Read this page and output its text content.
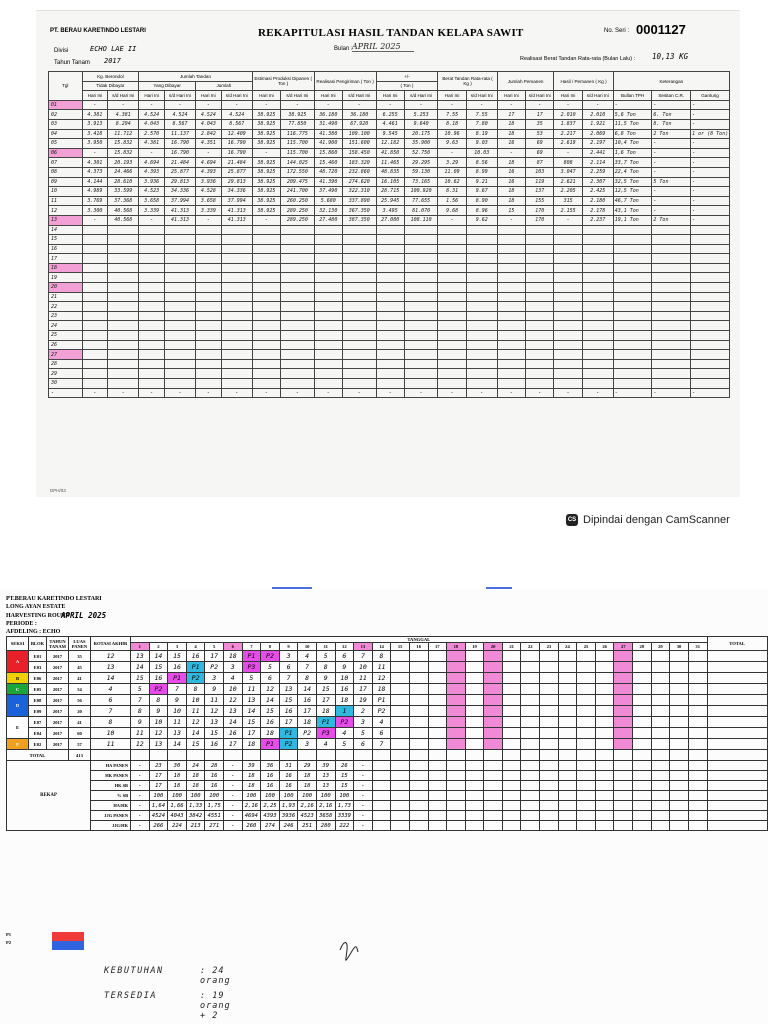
PT. BERAU KARETINDO LESTARI	REKAPITULASI HASIL TANDAN KELAPA SAWIT	No. Seri : 0001127
Bulan : APRIL 2025
Divisi	ECHO LAE II
Tahun Tanam 2017	Realisasi Berat Tandan Rata-rata (Bulan Lalu) : 10,13 KG
Tgl	Kg. Berondol		Jumlah Tandan				Estimasi Produksi Dipanen ( Ton )		Realisasi Pengiriman ( Ton )		+/-		Berat Tandan Rata-rata ( Kg )		Jumlah Pemanen		Hasil / Pemanen ( Kg )		Keterangan		
	Tidak Dibayar		Yang Dibayar		Jumlah						( Ton )										
	Hari Ini	s/d Hari Ini	Hari Ini	s/d Hari Ini	Hari Ini	s/d Hari Ini	Hari Ini	s/d Hari Ini	Hari Ini	s/d Hari Ini	Hari Ini	s/d Hari Ini	Hari Ini	s/d Hari Ini	Hari Ini	s/d Hari Ini	Hari Ini	s/d Hari Ini	Bullan TPH	Sesitan C.R.	Gantung
01	-	-	-	-	-	-	-	-	-	-	-	-	-	-	-	-	-	-	-	-	-
02	4.381	4.381	4.524	4.524	4.524	4.524	38.925	38.925	36.180	36.180	6.255	5.253	7.55	7.55	17	17	2.010	2.010	5,6 Ton	6. Ton	-
03	3.913	8.294	4.043	8.567	4.043	8.567	38.925	77.850	31.490	67.920	4.461	9.640	8.18	7.80	18	35	1.837	1.921	11,5 Ton	8. Ton	-
04	3.418	11.712	2.570	11.137	2.842	12.409	38.925	116.775	41.380	109.100	9.545	20.175	10.96	8.19	18	53	2.217	2.069	6,8 Ton	2 Ton	1 or (8 Ton)
05	3.950	15.832	4.381	16.790	4.351	16.790	38.925	115.700	41.900	151.600	12.182	35.900	9.63	9.03	16	69	2.619	2.197	10,4 Ton	-	-
06	-	15.832	-	16.790	-	16.790	-	115.700	15.860	158.450	41.850	52.750	-	10.03	-	69	-	2.441	1,6 Ton	-	-
07	4.301	20.193	4.694	21.484	4.694	21.484	38.925	144.025	15.460	183.320	11.465	29.295	3.29	8.56	18	87	808	2.114	33,7 Ton	-	-
08	4.373	24.466	4.393	25.877	4.393	25.877	38.925	172.550	48.720	232.860	48.835	59.130	11.09	8.99	16	103	3.047	2.259	22,4 Ton	-	-
09	4.144	28.610	3.936	29.813	3.936	29.813	38.925	209.475	41.390	274.620	16.105	73.165	10.62	9.21	16	119	2.621	2.307	32,5 Ton	5 Ton	-
10	4.989	33.599	4.523	34.336	4.528	34.336	38.925	241.700	37.490	322.310	28.715	100.920	8.31	9.67	18	137	2.205	2.425	12,5 Ton	-	-
11	3.769	37.368	3.658	37.994	3.658	37.994	38.925	260.250	5.680	337.890	25.945	77.655	1.56	8.90	18	155	315	2.180	46,7 Ton	-	-
12	3.300	40.568	3.339	41.313	3.339	41.313	38.925	289.250	32.130	367.350	3.495	81.070	9.68	8.96	15	170	2.155	2.178	43,1 Ton	-	-
13	-	40.568	-	41.313	-	41.313	-	289.250	27.480	387.350	27.080	108.110	-	9.62	-	170	-	2.237	19,1 Ton	2 Ton	-
14																					
15																					
16																					
17																					
18																					
19																					
20																					
21																					
22																					
23																					
24																					
25																					
26																					
27																					
28																					
29																					
30																					
-	-	-	-	-	-	-	-	-	-	-	-	-	-	-	-	-	-	-	-	-	-
DPH/03
CS Dipindai dengan CamScanner
PT.BERAU KARETINDO LESTARI
LONG AYAN ESTATE
HARVESTING ROUND
PERIODE :
AFDELING : ECHO
APRIL 2025
SEKSI	BLOK	TAHUN TANAM	LUAS PANEN	ROTASI AKHIR	TANGGAL																															TOTAL
					1	2	3	4	5	6	7	8	9	10	11	12	13	14	15	16	17	18	19	20	21	22	23	24	25	26	27	28	29	30	31	
A	E01	2017	35	12	13	14	15	16	17	18	P1	P2	3	4	5	6	7	8																		
	E03	2017	45	13	14	15	16	P1	P2	3	P3	5	6	7	8	9	10	11																		
B	E06	2017	41	14	15	16	P1	P2	3	4	5	6	7	8	9	10	11	12																		
C	E05	2017	54	4	5	P2	7	8	9	10	11	12	13	14	15	16	17	18																		
D	E08	2017	56	6	7	8	9	10	11	12	13	14	15	16	17	18	19	P1																		
	E09	2017	20	7	8	9	10	11	12	13	14	15	16	17	18	1	2	P2																		
E	E07	2017	41	8	9	10	11	12	13	14	15	16	17	18	P1	P2	3	4																		
	E04	2017	60	10	11	12	13	14	15	16	17	18	P1	P2	P3	4	5	6																		
F	E02	2017	57	11	12	13	14	15	16	17	18	P1	P2	3	4	5	6	7																		
TOTAL			413																																	
REKAP				HA PANEN	-	23	30	24	28	-	39	36	31	29	39	26	-																			
				HK PANEN	-	17	18	18	16	-	18	16	16	18	13	15	-																			
				HK SB	-	17	18	18	16	-	18	16	16	18	13	15	-																			
				% SB	-	100	100	100	100	-	100	100	100	100	100	100	-																			
				HA/HK	-	1,64	1,66	1,33	1,75	-	2,16	2,25	1,93	2,16	2,16	1,73	-																			
				JJG PANEN	-	4524	4043	3842	4551	-	4694	4393	3936	4523	3658	3339	-																			
				JJG/HK	-	266	224	213	271	-	260	274	246	251	280	222	-																			
P1
P2
KEBUTUHAN	: 24 orang
TERSEDIA	: 19 orang + 2
